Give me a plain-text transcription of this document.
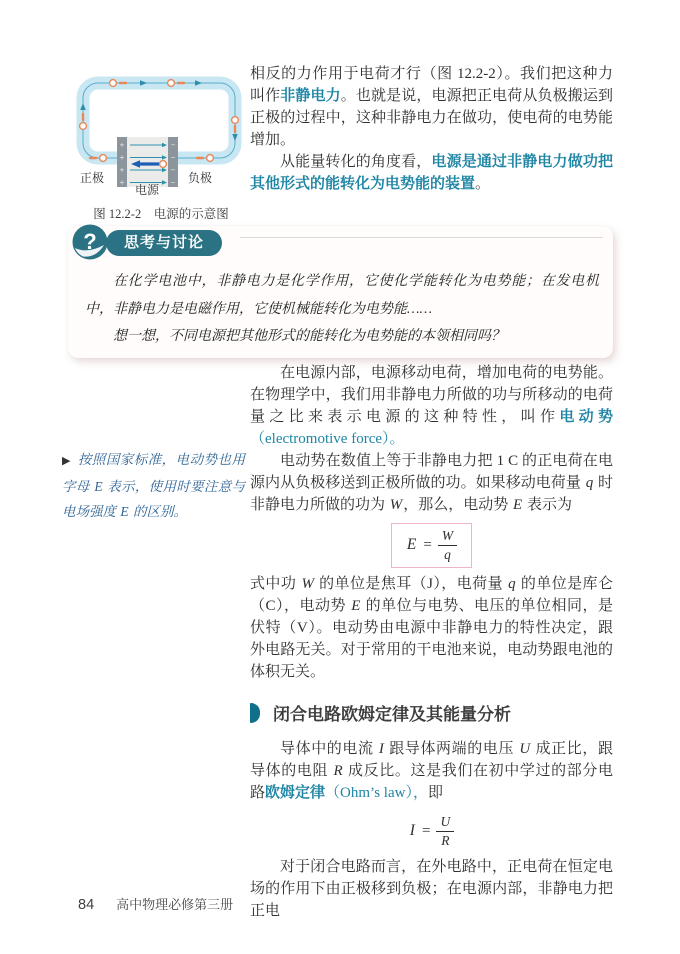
+
+
+
+
−
−
−
−
正极	负极
电源
图 12.2-2　电源的示意图

相反的力作用于电荷才行（图 12.2-2）。我们把这种力叫作非静电力。也就是说，电源把正电荷从负极搬运到正极的过程中，这种非静电力在做功，使电荷的电势能增加。

从能量转化的角度看，电源是通过非静电力做功把其他形式的能转化为电势能的装置。

?	思考与讨论

在化学电池中，非静电力是化学作用，它使化学能转化为电势能；在发电机中，非静电力是电磁作用，它使机械能转化为电势能……

想一想，不同电源把其他形式的能转化为电势能的本领相同吗？

▶ 按照国家标准，电动势也用字母 E 表示，使用时要注意与电场强度 E 的区别。

在电源内部，电源移动电荷，增加电荷的电势能。在物理学中，我们用非静电力所做的功与所移动的电荷量之比来表示电源的这种特性，叫作电动势（electromotive force）。

电动势在数值上等于非静电力把 1 C 的正电荷在电源内从负极移送到正极所做的功。如果移动电荷量 q 时非静电力所做的功为 W，那么，电动势 E 表示为

$E = \frac{W}{q}$

式中功 W 的单位是焦耳（J），电荷量 q 的单位是库仑（C），电动势 E 的单位与电势、电压的单位相同，是伏特（V）。电动势由电源中非静电力的特性决定，跟外电路无关。对于常用的干电池来说，电动势跟电池的体积无关。

闭合电路欧姆定律及其能量分析

导体中的电流 I 跟导体两端的电压 U 成正比，跟导体的电阻 R 成反比。这是我们在初中学过的部分电路欧姆定律（Ohm’s law），即

$I = \frac{U}{R}$

对于闭合电路而言，在外电路中，正电荷在恒定电场的作用下由正极移到负极；在电源内部，非静电力把正电

84 高中物理必修第三册
